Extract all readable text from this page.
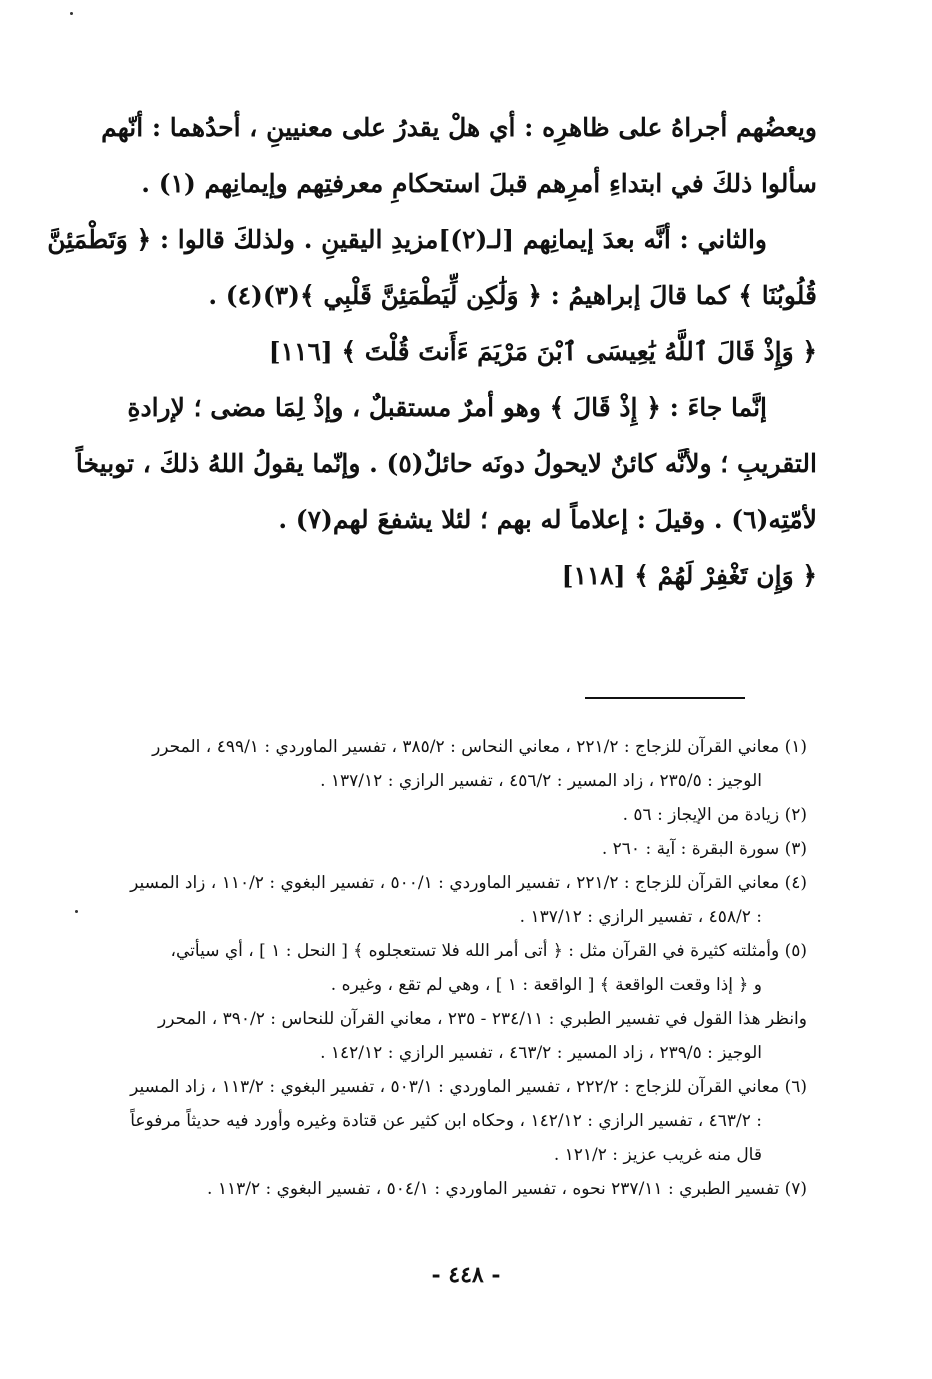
ويعضُهم أجراهُ على ظاهرِه : أي هلْ يقدرُ على معنيينِ ، أحدُهما : أنّهم
سألوا ذلكَ في ابتداءِ أمرِهم قبلَ استحكامِ معرفتِهم وإيمانِهم (١) .
والثاني : أنَّه بعدَ إيمانِهم [لـ(٢)]مزيدِ اليقينِ . ولذلكَ قالوا : ﴿ وَتَطْمَئِنَّ
قُلُوبُنَا ﴾ كما قالَ إبراهيمُ : ﴿ وَلَٰكِن لِّيَطْمَئِنَّ قَلْبِي ﴾(٣)(٤) .
﴿ وَإِذْ قَالَ ٱللَّهُ يَٰعِيسَى ٱبْنَ مَرْيَمَ ءَأَنتَ قُلْتَ ﴾ [١١٦]
إنَّما جاءَ : ﴿ إِذْ قَالَ ﴾ وهو أمرٌ مستقبلٌ ، وإذْ لِمَا مضى ؛ لإرادةِ
التقريبِ ؛ ولأنَّه كائنٌ لايحولُ دونَه حائلٌ(٥) . وإنّما يقولُ اللهُ ذلكَ ، توبيخاً
لأمّتِه(٦) . وقيلَ : إعلاماً له بهم ؛ لئلا يشفعَ لهم(٧) .
﴿ وَإِن تَغْفِرْ لَهُمْ ﴾ [١١٨]
(١) معاني القرآن للزجاج : ٢٢١/٢ ، معاني النحاس : ٣٨٥/٢ ، تفسير الماوردي : ٤٩٩/١ ، المحرر
الوجيز : ٢٣٥/٥ ، زاد المسير : ٤٥٦/٢ ، تفسير الرازي : ١٣٧/١٢ .
(٢) زيادة من الإيجاز : ٥٦ .
(٣) سورة البقرة : آية : ٢٦٠ .
(٤) معاني القرآن للزجاج : ٢٢١/٢ ، تفسير الماوردي : ٥٠٠/١ ، تفسير البغوي : ١١٠/٢ ، زاد المسير
: ٤٥٨/٢ ، تفسير الرازي : ١٣٧/١٢ .
(٥) وأمثلته كثيرة في القرآن مثل : ﴿ أتى أمر الله فلا تستعجلوه ﴾ [ النحل : ١ ] ، أي سيأتي،
و ﴿ إذا وقعت الواقعة ﴾ [ الواقعة : ١ ] ، وهي لم تقع ، وغيره .
وانظر هذا القول في تفسير الطبري : ٢٣٤/١١ - ٢٣٥ ، معاني القرآن للنحاس : ٣٩٠/٢ ، المحرر
الوجيز : ٢٣٩/٥ ، زاد المسير : ٤٦٣/٢ ، تفسير الرازي : ١٤٢/١٢ .
(٦) معاني القرآن للزجاج : ٢٢٢/٢ ، تفسير الماوردي : ٥٠٣/١ ، تفسير البغوي : ١١٣/٢ ، زاد المسير
: ٤٦٣/٢ ، تفسير الرازي : ١٤٢/١٢ ، وحكاه ابن كثير عن قتادة وغيره وأورد فيه حديثاً مرفوعاً
قال منه غريب عزيز : ١٢١/٢ .
(٧) تفسير الطبري : ٢٣٧/١١ نحوه ، تفسير الماوردي : ٥٠٤/١ ، تفسير البغوي : ١١٣/٢ .
- ٤٤٨ -
